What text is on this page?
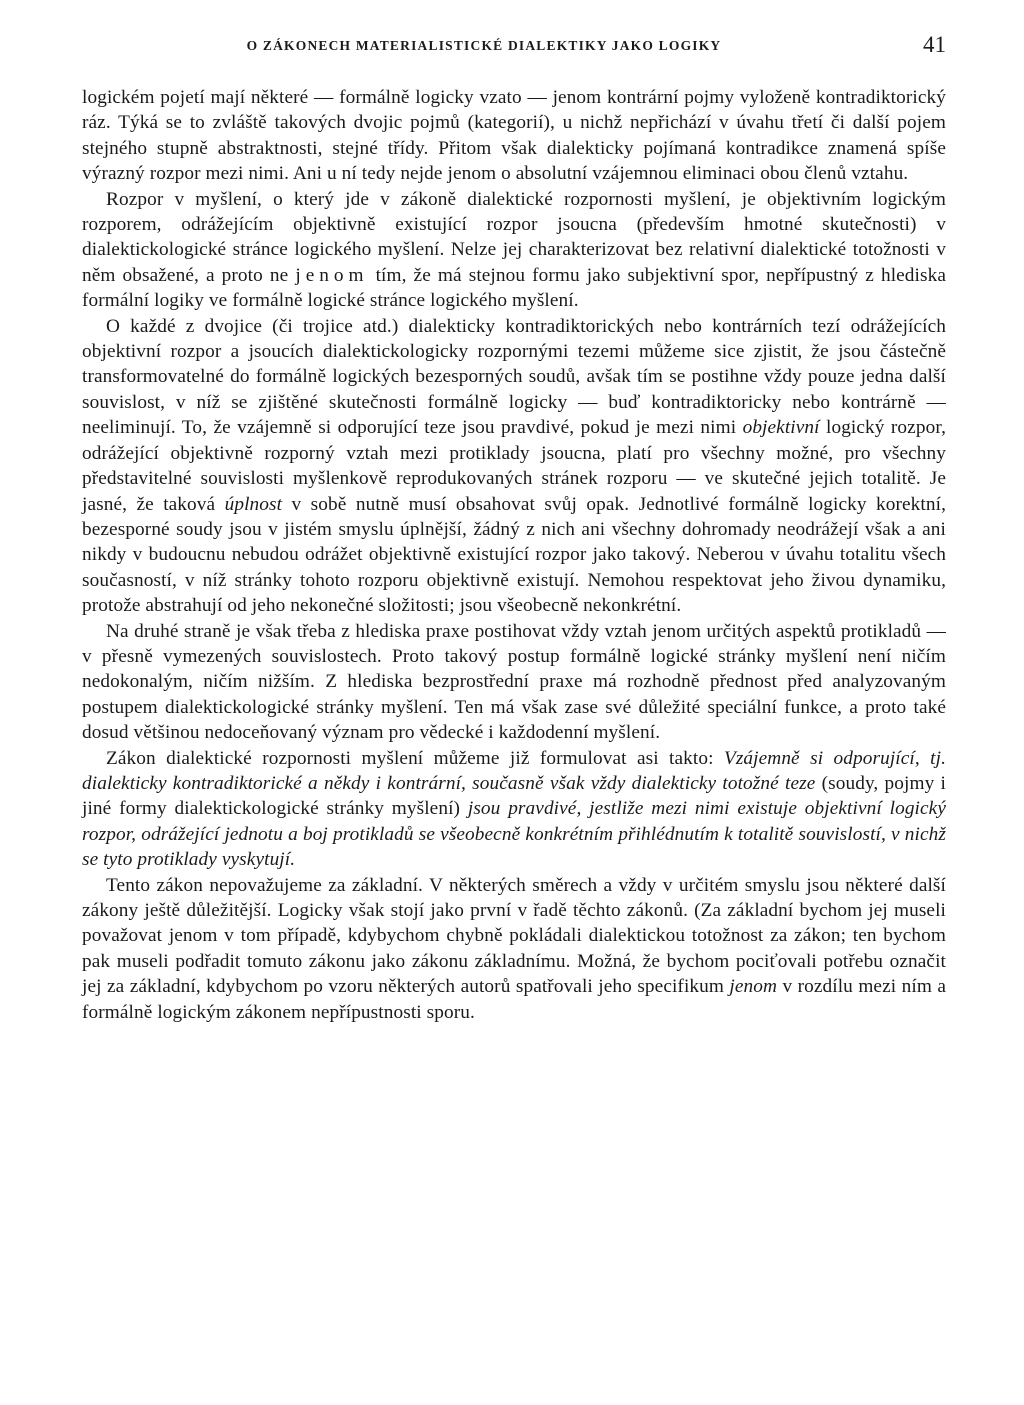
O ZÁKONECH MATERIALISTICKÉ DIALEKTIKY JAKO LOGIKY	41

logickém pojetí mají některé — formálně logicky vzato — jenom kontrární pojmy vyloženě kontradiktorický ráz. Týká se to zvláště takových dvojic pojmů (kategorií), u nichž nepřichází v úvahu třetí či další pojem stejného stupně abstraktnosti, stejné třídy. Přitom však dialekticky pojímaná kontradikce znamená spíše výrazný rozpor mezi nimi. Ani u ní tedy nejde jenom o absolutní vzájemnou eliminaci obou členů vztahu.

Rozpor v myšlení, o který jde v zákoně dialektické rozpornosti myšlení, je objektivním logickým rozporem, odrážejícím objektivně existující rozpor jsoucna (především hmotné skutečnosti) v dialektickologické stránce logického myšlení. Nelze jej charakterizovat bez relativní dialektické totožnosti v něm obsažené, a proto ne jenom tím, že má stejnou formu jako subjektivní spor, nepřípustný z hlediska formální logiky ve formálně logické stránce logického myšlení.

O každé z dvojice (či trojice atd.) dialekticky kontradiktorických nebo kontrárních tezí odrážejících objektivní rozpor a jsoucích dialektickologicky rozpornými tezemi můžeme sice zjistit, že jsou částečně transformovatelné do formálně logických bezesporných soudů, avšak tím se postihne vždy pouze jedna další souvislost, v níž se zjištěné skutečnosti formálně logicky — buď kontradiktoricky nebo kontrárně — neeliminují. To, že vzájemně si odporující teze jsou pravdivé, pokud je mezi nimi objektivní logický rozpor, odrážející objektivně rozporný vztah mezi protiklady jsoucna, platí pro všechny možné, pro všechny představitelné souvislosti myšlenkově reprodukovaných stránek rozporu — ve skutečné jejich totalitě. Je jasné, že taková úplnost v sobě nutně musí obsahovat svůj opak. Jednotlivé formálně logicky korektní, bezesporné soudy jsou v jistém smyslu úplnější, žádný z nich ani všechny dohromady neodrážejí však a ani nikdy v budoucnu nebudou odrážet objektivně existující rozpor jako takový. Neberou v úvahu totalitu všech současností, v níž stránky tohoto rozporu objektivně existují. Nemohou respektovat jeho živou dynamiku, protože abstrahují od jeho nekonečné složitosti; jsou všeobecně nekonkrétní.

Na druhé straně je však třeba z hlediska praxe postihovat vždy vztah jenom určitých aspektů protikladů — v přesně vymezených souvislostech. Proto takový postup formálně logické stránky myšlení není ničím nedokonalým, ničím nižším. Z hlediska bezprostřední praxe má rozhodně přednost před analyzovaným postupem dialektickologické stránky myšlení. Ten má však zase své důležité speciální funkce, a proto také dosud většinou nedoceňovaný význam pro vědecké i každodenní myšlení.

Zákon dialektické rozpornosti myšlení můžeme již formulovat asi takto: Vzájemně si odporující, tj. dialekticky kontradiktorické a někdy i kontrární, současně však vždy dialekticky totožné teze (soudy, pojmy i jiné formy dialektickologické stránky myšlení) jsou pravdivé, jestliže mezi nimi existuje objektivní logický rozpor, odrážející jednotu a boj protikladů se všeobecně konkrétním přihlédnutím k totalitě souvislostí, v nichž se tyto protiklady vyskytují.

Tento zákon nepovažujeme za základní. V některých směrech a vždy v určitém smyslu jsou některé další zákony ještě důležitější. Logicky však stojí jako první v řadě těchto zákonů. (Za základní bychom jej museli považovat jenom v tom případě, kdybychom chybně pokládali dialektickou totožnost za zákon; ten bychom pak museli podřadit tomuto zákonu jako zákonu základnímu. Možná, že bychom pociťovali potřebu označit jej za základní, kdybychom po vzoru některých autorů spatřovali jeho specifikum jenom v rozdílu mezi ním a formálně logickým zákonem nepřípustnosti sporu.
